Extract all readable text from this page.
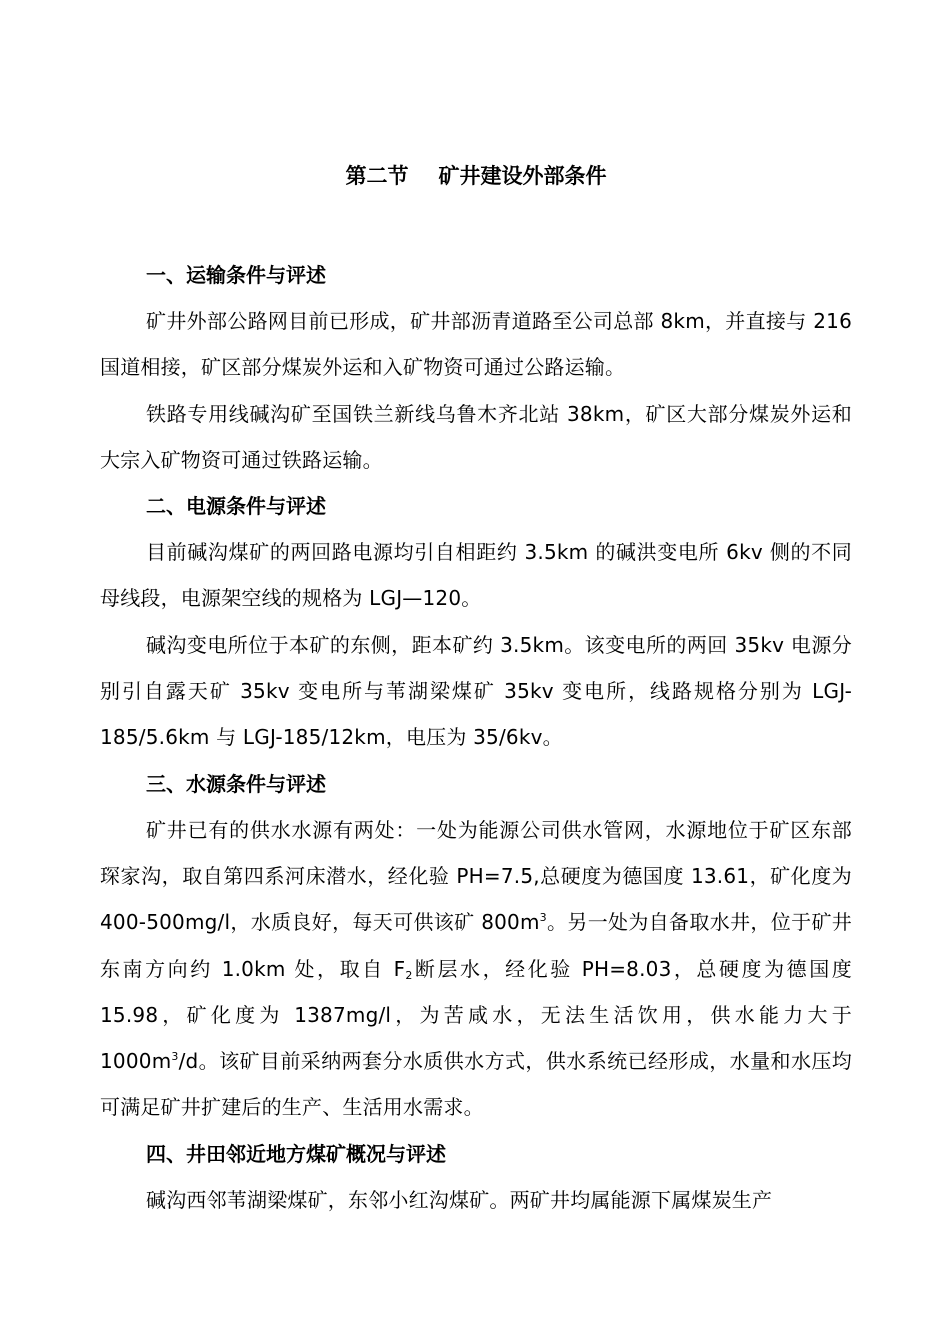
第二节 矿井建设外部条件
一、运输条件与评述

矿井外部公路网目前已形成，矿井部沥青道路至公司总部 8km，并直接与 216 国道相接，矿区部分煤炭外运和入矿物资可通过公路运输。

铁路专用线碱沟矿至国铁兰新线乌鲁木齐北站 38km，矿区大部分煤炭外运和大宗入矿物资可通过铁路运输。

二、电源条件与评述

目前碱沟煤矿的两回路电源均引自相距约 3.5km 的碱洪变电所 6kv 侧的不同母线段，电源架空线的规格为 LGJ—120。

碱沟变电所位于本矿的东侧，距本矿约 3.5km。该变电所的两回 35kv 电源分别引自露天矿 35kv 变电所与苇湖梁煤矿 35kv 变电所，线路规格分别为 LGJ-185/5.6km 与 LGJ-185/12km，电压为 35/6kv。

三、水源条件与评述

矿井已有的供水水源有两处：一处为能源公司供水管网，水源地位于矿区东部琛家沟，取自第四系河床潜水，经化验 PH=7.5,总硬度为德国度 13.61，矿化度为 400-500mg/l，水质良好，每天可供该矿 $800m^3$。另一处为自备取水井，位于矿井东南方向约 1.0km 处，取自 $F_2$断层水，经化验 PH=8.03，总硬度为德国度 15.98，矿化度为 1387mg/l，为苦咸水，无法生活饮用，供水能力大于 $1000m^3/d$。该矿目前采纳两套分水质供水方式，供水系统已经形成，水量和水压均可满足矿井扩建后的生产、生活用水需求。

四、井田邻近地方煤矿概况与评述

碱沟西邻苇湖梁煤矿，东邻小红沟煤矿。两矿井均属能源下属煤炭生产
